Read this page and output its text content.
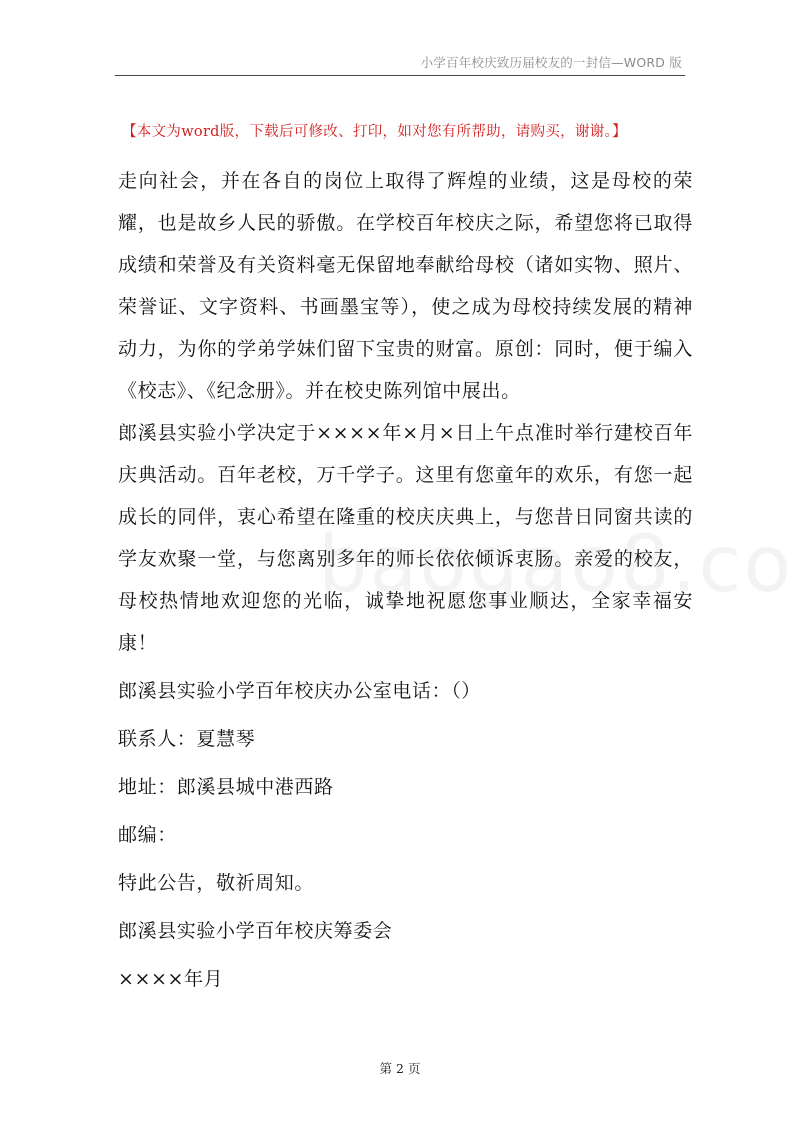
小学百年校庆致历届校友的一封信—WORD 版
【本文为word版，下载后可修改、打印，如对您有所帮助，请购买，谢谢。】

走向社会，并在各自的岗位上取得了辉煌的业绩，这是母校的荣耀，也是故乡人民的骄傲。在学校百年校庆之际，希望您将已取得成绩和荣誉及有关资料毫无保留地奉献给母校（诸如实物、照片、荣誉证、文字资料、书画墨宝等），使之成为母校持续发展的精神动力，为你的学弟学妹们留下宝贵的财富。原创：同时，便于编入《校志》、《纪念册》。并在校史陈列馆中展出。

郎溪县实验小学决定于××××年×月×日上午点准时举行建校百年庆典活动。百年老校，万千学子。这里有您童年的欢乐，有您一起成长的同伴，衷心希望在隆重的校庆庆典上，与您昔日同窗共读的学友欢聚一堂，与您离别多年的师长依依倾诉衷肠。亲爱的校友，母校热情地欢迎您的光临，诚挚地祝愿您事业顺达，全家幸福安康！

郎溪县实验小学百年校庆办公室电话：（）

联系人：夏慧琴

地址：郎溪县城中港西路

邮编：

特此公告，敬祈周知。

郎溪县实验小学百年校庆筹委会

××××年月

第 2 页
